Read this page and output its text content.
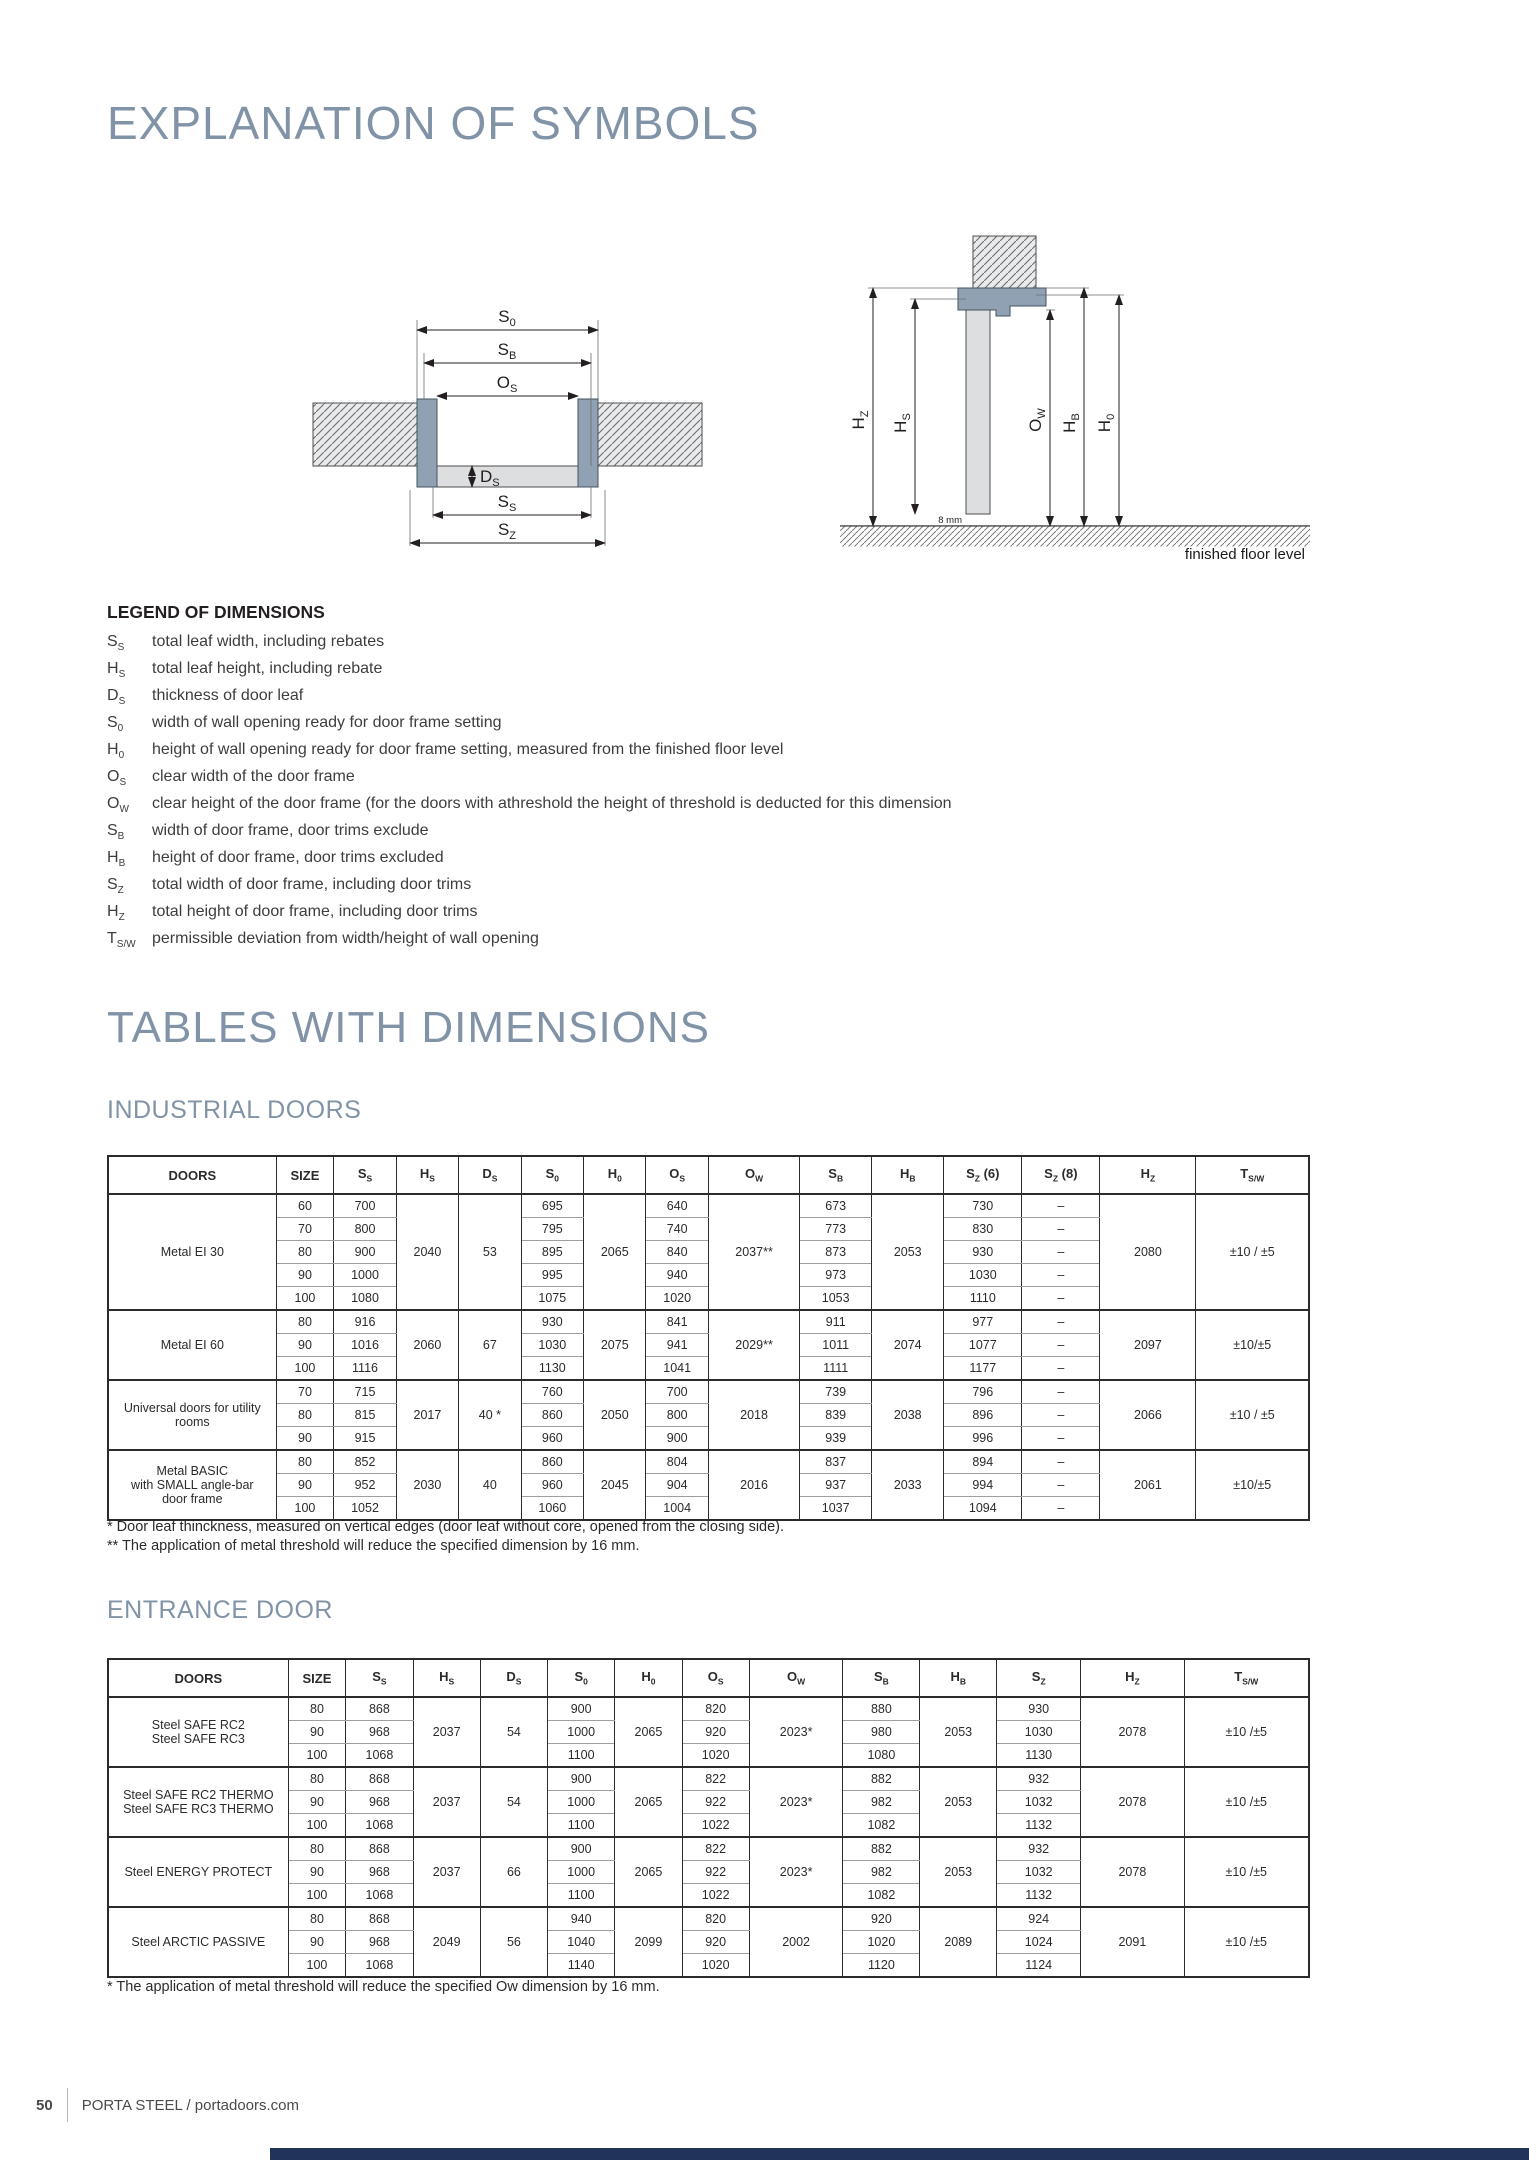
EXPLANATION OF SYMBOLS
$S_0$
$S_B$
$O_S$
$D_S$
$S_S$
$S_Z$
$H_Z$
$H_S$
$O_W$
$H_B$
$H_0$
8 mm
finished floor level
LEGEND OF DIMENSIONS
$S_S$	total leaf width, including rebates
$H_S$	total leaf height, including rebate
$D_S$	thickness of door leaf
$S_0$	width of wall opening ready for door frame setting
$H_0$	height of wall opening ready for door frame setting, measured from the finished floor level
$O_S$	clear width of the door frame
$O_W$	clear height of the door frame (for the doors with athreshold the height of threshold is deducted for this dimension
$S_B$	width of door frame, door trims exclude
$H_B$	height of door frame, door trims excluded
$S_Z$	total width of door frame, including door trims
$H_Z$	total height of door frame, including door trims
$T_{S/W}$	permissible deviation from width/height of wall opening
TABLES WITH DIMENSIONS
INDUSTRIAL DOORS
DOORS	SIZE	$S_S$	$H_S$	$D_S$	$S_0$	$H_0$	$O_S$	$O_W$	$S_B$	$H_B$	$S_Z$ (6)	$S_Z$ (8)	$H_Z$	$T_{S/W}$

Metal EI 30	60	700	2040	53	695	2065	640	2037**	673	2053	730	–	2080	±10 / ±5
	70	800			795		740		773		830	–		
	80	900			895		840		873		930	–		
	90	1000			995		940		973		1030	–		
	100	1080			1075		1020		1053		1110	–		

Metal EI 60	80	916	2060	67	930	2075	841	2029**	911	2074	977	–	2097	±10/±5
	90	1016			1030		941		1011		1077	–		
	100	1116			1130		1041		1111		1177	–		

Universal doors for utility
rooms	70	715	2017	40 *	760	2050	700	2018	739	2038	796	–	2066	±10 / ±5
	80	815			860		800		839		896	–		
	90	915			960		900		939		996	–		

Metal BASIC
with SMALL angle-bar
door frame	80	852	2030	40	860	2045	804	2016	837	2033	894	–	2061	±10/±5
	90	952			960		904		937		994	–		
	100	1052			1060		1004		1037		1094	–		
* Door leaf thinckness, measured on vertical edges (door leaf without core, opened from the closing side).
** The application of metal threshold will reduce the specified dimension by 16 mm.
ENTRANCE DOOR
DOORS	SIZE	$S_S$	$H_S$	$D_S$	$S_0$	$H_0$	$O_S$	$O_W$	$S_B$	$H_B$	$S_Z$	$H_Z$	$T_{S/W}$

Steel SAFE RC2
Steel SAFE RC3	80	868	2037	54	900	2065	820	2023*	880	2053	930	2078	±10 /±5
	90	968			1000		920		980		1030		
	100	1068			1100		1020		1080		1130		

Steel SAFE RC2 THERMO
Steel SAFE RC3 THERMO	80	868	2037	54	900	2065	822	2023*	882	2053	932	2078	±10 /±5
	90	968			1000		922		982		1032		
	100	1068			1100		1022		1082		1132		

Steel ENERGY PROTECT	80	868	2037	66	900	2065	822	2023*	882	2053	932	2078	±10 /±5
	90	968			1000		922		982		1032		
	100	1068			1100		1022		1082		1132		

Steel ARCTIC PASSIVE	80	868	2049	56	940	2099	820	2002	920	2089	924	2091	±10 /±5
	90	968			1040		920		1020		1024		
	100	1068			1140		1020		1120		1124		
* The application of metal threshold will reduce the specified Ow dimension by 16 mm.
50 PORTA STEEL / portadoors.com
